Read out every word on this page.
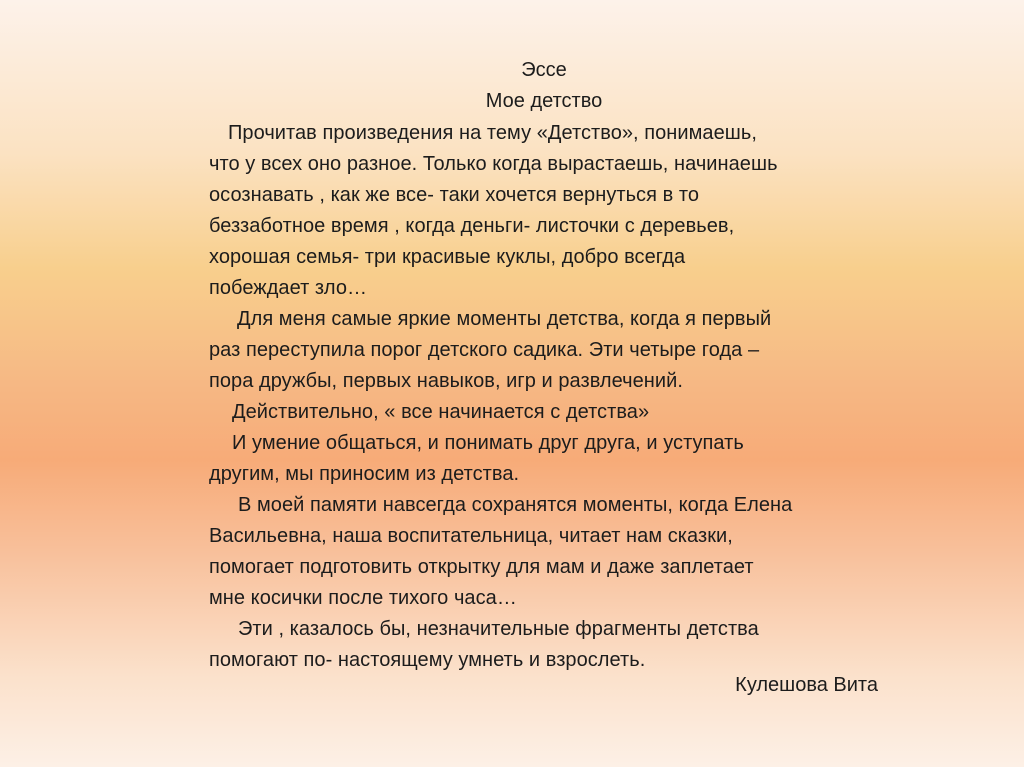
Эссе
Мое детство
Прочитав произведения на тему «Детство», понимаешь,
что у всех оно разное. Только когда вырастаешь, начинаешь
осознавать , как же все- таки хочется вернуться в то
беззаботное время , когда деньги- листочки с деревьев,
хорошая семья- три красивые куклы, добро всегда
побеждает зло…
Для меня самые яркие моменты детства, когда я первый
раз переступила порог детского садика. Эти четыре года –
пора дружбы, первых навыков, игр и развлечений.
Действительно, « все начинается с детства»
И умение общаться, и понимать друг друга, и уступать
другим, мы приносим из детства.
В моей памяти навсегда сохранятся моменты, когда Елена
Васильевна, наша воспитательница, читает нам сказки,
помогает подготовить открытку для мам и даже заплетает
мне косички после тихого часа…
Эти , казалось бы, незначительные фрагменты детства
помогают по- настоящему умнеть и взрослеть.
Кулешова Вита
